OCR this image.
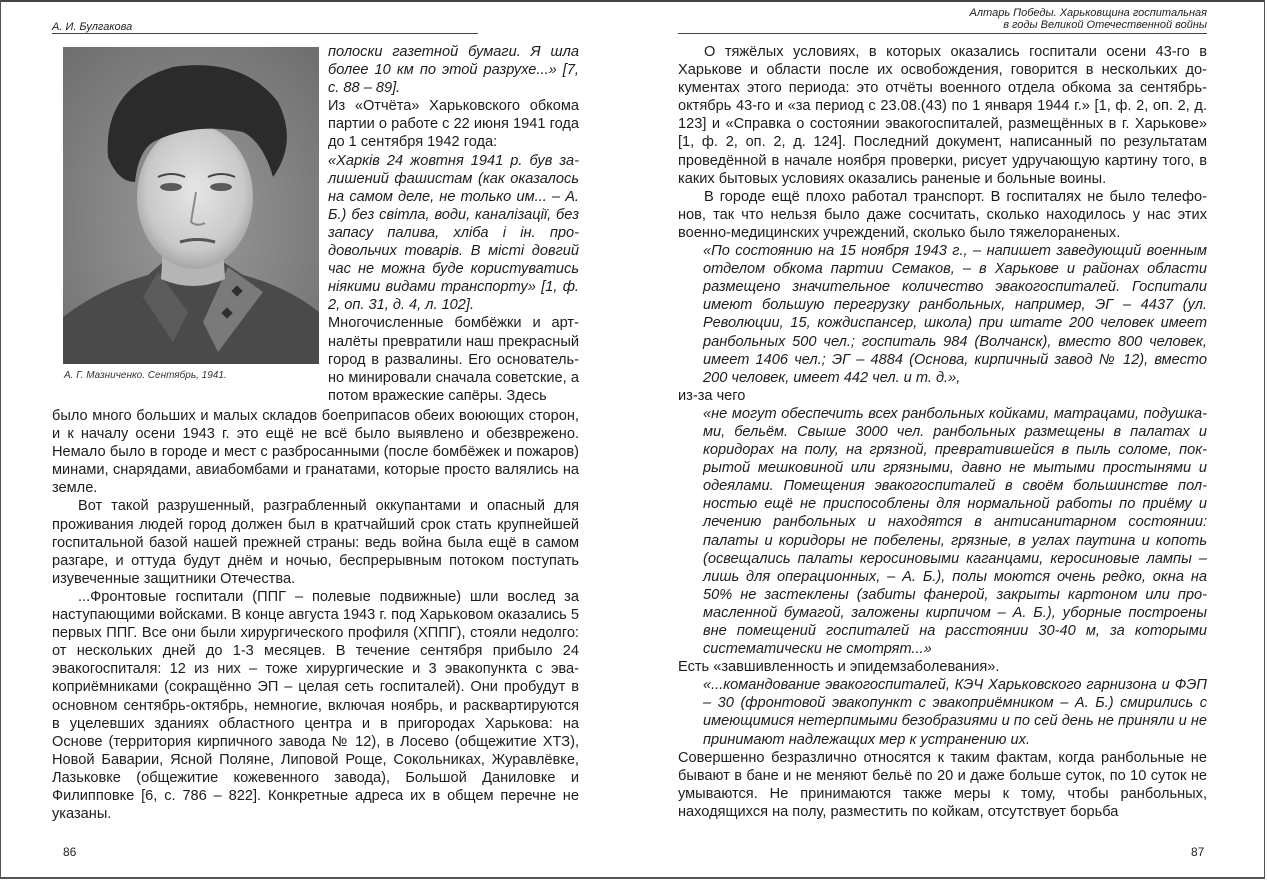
А. И. Булгакова
А. Г. Мазниченко. Сентябрь, 1941.

полоски газетной бумаги. Я шла более 10 км по этой разрухе...» [7, с. 88 – 89].

Из «Отчёта» Харьковского обкома партии о работе с 22 июня 1941 года до 1 сентября 1942 года:

«Харків 24 жовтня 1941 р. був залишений фашистам (как оказалось на самом деле, не только им... – А. Б.) без світла, води, каналізації, без запасу палива, хліба і ін. продовольчих товарів. В місті довгий час не можна буде користуватись ніякими видами транспорту» [1, ф. 2, оп. 31, д. 4, л. 102].

Многочисленные бомбёжки и артналёты превратили наш прекрасный город в развалины. Его основательно минировали сначала советские, а потом вражеские сапёры. Здесь

было много больших и малых складов боеприпасов обеих воюющих сторон, и к началу осени 1943 г. это ещё не всё было выявлено и обезврежено. Немало было в городе и мест с разбросанными (после бомбёжек и пожаров) минами, снарядами, авиабомбами и гранатами, которые просто валялись на земле.

Вот такой разрушенный, разграбленный оккупантами и опасный для проживания людей город должен был в кратчайший срок стать крупнейшей госпитальной базой нашей прежней страны: ведь война была ещё в самом разгаре, и оттуда будут днём и ночью, беспрерывным потоком поступать изувеченные защитники Отечества.

...Фронтовые госпитали (ППГ – полевые подвижные) шли вослед за наступающими войсками. В конце августа 1943 г. под Харьковом оказались 5 первых ППГ. Все они были хирургического профиля (ХППГ), стояли недолго: от нескольких дней до 1-3 месяцев. В течение сентября прибыло 24 эвакогоспиталя: 12 из них – тоже хирургические и 3 эвакопункта с эвакоприёмниками (сокращённо ЭП – целая сеть госпиталей). Они пробудут в основном сентябрь-октябрь, немногие, включая ноябрь, и расквартируются в уцелевших зданиях областного центра и в пригородах Харькова: на Основе (территория кирпичного завода № 12), в Лосево (общежитие ХТЗ), Новой Баварии, Ясной Поляне, Липовой Роще, Сокольниках, Журавлёвке, Лазьковке (общежитие кожевенного завода), Большой Даниловке и Филипповке [6, с. 786 – 822]. Конкретные адреса их в общем перечне не указаны.

86
Алтарь Победы. Харьковщина госпитальная
в годы Великой Отечественной войны

О тяжёлых условиях, в которых оказались госпитали осени 43-го в Харькове и области после их освобождения, говорится в нескольких документах этого периода: это отчёты военного отдела обкома за сентябрь-октябрь 43-го и «за период с 23.08.(43) по 1 января 1944 г.» [1, ф. 2, оп. 2, д. 123] и «Справка о состоянии эвакогоспиталей, размещённых в г. Харькове» [1, ф. 2, оп. 2, д. 124]. Последний документ, написанный по результатам проведённой в начале ноября проверки, рисует удручающую картину того, в каких бытовых условиях оказались раненые и больные воины.

В городе ещё плохо работал транспорт. В госпиталях не было телефонов, так что нельзя было даже сосчитать, сколько находилось у нас этих военно-медицинских учреждений, сколько было тяжелораненых.

«По состоянию на 15 ноября 1943 г., – напишет заведующий военным отделом обкома партии Семаков, – в Харькове и районах области размещено значительное количество эвакогоспиталей. Госпитали имеют большую перегрузку ранбольных, например, ЭГ – 4437 (ул. Революции, 15, кождиспансер, школа) при штате 200 человек имеет ранбольных 500 чел.; госпиталь 984 (Волчанск), вместо 800 человек, имеет 1406 чел.; ЭГ – 4884 (Основа, кирпичный завод № 12), вместо 200 человек, имеет 442 чел. и т. д.»,

из-за чего

«не могут обеспечить всех ранбольных койками, матрацами, подушками, бельём. Свыше 3000 чел. ранбольных размещены в палатах и коридорах на полу, на грязной, превратившейся в пыль соломе, покрытой мешковиной или грязными, давно не мытыми простынями и одеялами. Помещения эвакогоспиталей в своём большинстве полностью ещё не приспособлены для нормальной работы по приёму и лечению ранбольных и находятся в антисанитарном состоянии: палаты и коридоры не побелены, грязные, в углах паутина и копоть (освещались палаты керосиновыми каганцами, керосиновые лампы – лишь для операционных, – А. Б.), полы моются очень редко, окна на 50% не застеклены (забиты фанерой, закрыты картоном или промасленной бумагой, заложены кирпичом – А. Б.), уборные построены вне помещений госпиталей на расстоянии 30-40 м, за которыми систематически не смотрят...»

Есть «завшивленность и эпидемзаболевания».

«...командование эвакогоспиталей, КЭЧ Харьковского гарнизона и ФЭП – 30 (фронтовой эвакопункт с эвакоприёмником – А. Б.) смирились с имеющимися нетерпимыми безобразиями и по сей день не приняли и не принимают надлежащих мер к устранению их.

Совершенно безразлично относятся к таким фактам, когда ранбольные не бывают в бане и не меняют бельё по 20 и даже больше суток, по 10 суток не умываются. Не принимаются также меры к тому, чтобы ранбольных, находящихся на полу, разместить по койкам, отсутствует борьба

87
